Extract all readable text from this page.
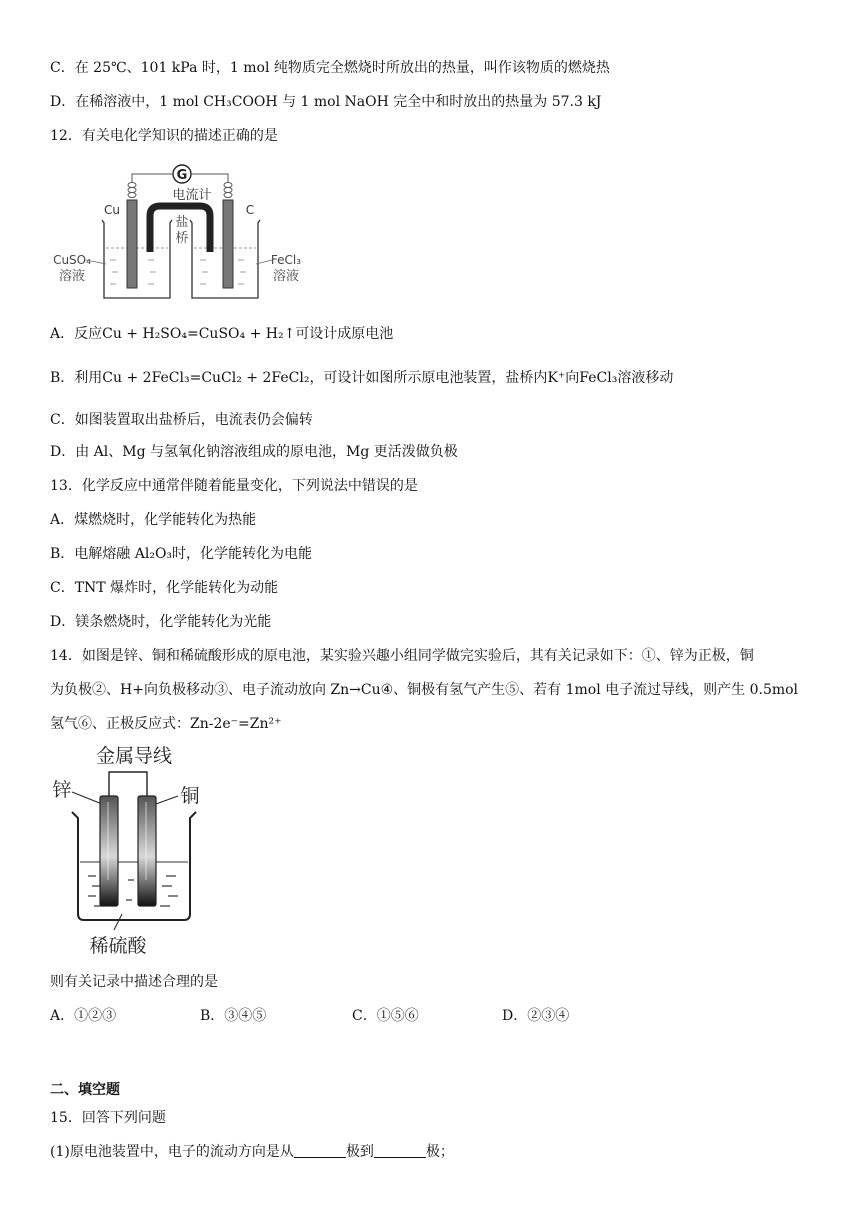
C．在 25℃、101 kPa 时，1 mol 纯物质完全燃烧时所放出的热量，叫作该物质的燃烧热
D．在稀溶液中，1 mol CH₃COOH 与 1 mol NaOH 完全中和时放出的热量为 57.3 kJ
12．有关电化学知识的描述正确的是
G
电流计
Cu	C
盐
桥
CuSO₄
溶液
FeCl₃
溶液
A．反应Cu + H₂SO₄=CuSO₄ + H₂↑可设计成原电池
B．利用Cu + 2FeCl₃=CuCl₂ + 2FeCl₂，可设计如图所示原电池装置，盐桥内K⁺向FeCl₃溶液移动
C．如图装置取出盐桥后，电流表仍会偏转
D．由 Al、Mg 与氢氧化钠溶液组成的原电池，Mg 更活泼做负极
13．化学反应中通常伴随着能量变化，下列说法中错误的是
A．煤燃烧时，化学能转化为热能
B．电解熔融 Al₂O₃时，化学能转化为电能
C．TNT 爆炸时，化学能转化为动能
D．镁条燃烧时，化学能转化为光能
14．如图是锌、铜和稀硫酸形成的原电池，某实验兴趣小组同学做完实验后，其有关记录如下：①、锌为正极，铜
为负极②、H+向负极移动③、电子流动放向 Zn→Cu④、铜极有氢气产生⑤、若有 1mol 电子流过导线，则产生 0.5mol
氢气⑥、正极反应式：Zn-2e⁻=Zn²⁺
金属导线
锌	铜
稀硫酸
则有关记录中描述合理的是
A．①②③	B．③④⑤	C．①⑤⑥	D．②③④
二、填空题
15．回答下列问题
(1)原电池装置中，电子的流动方向是从	极到	极；
